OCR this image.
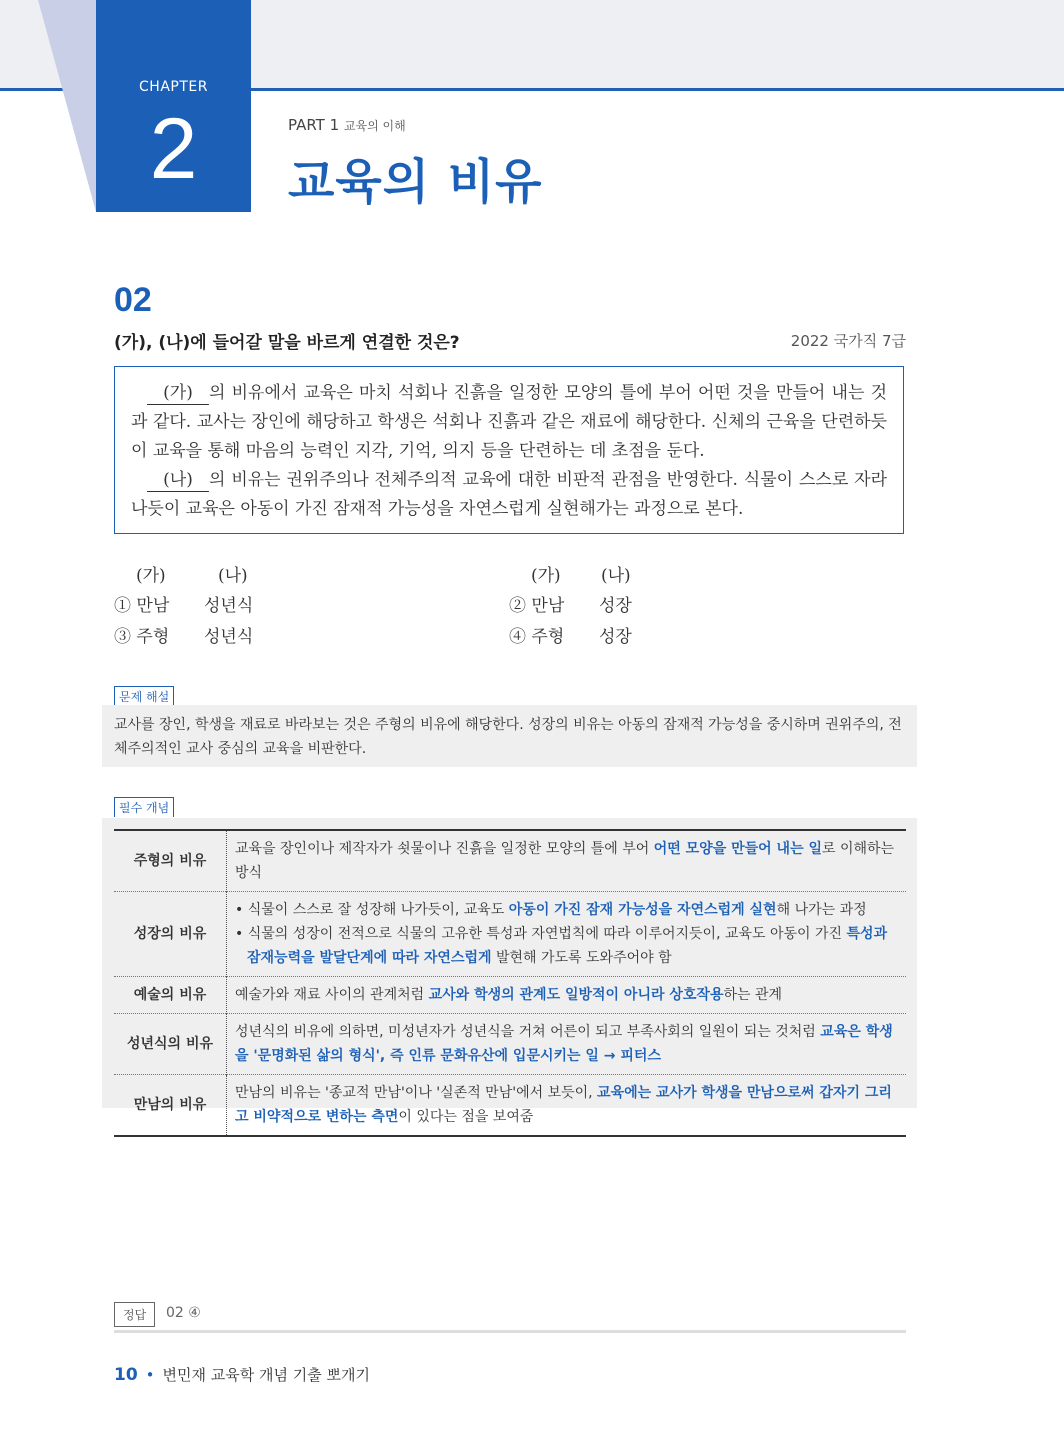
CHAPTER
2	PART 1 교육의 이해
교육의 비유
02
(가), (나)에 들어갈 말을 바르게 연결한 것은?	2022 국가직 7급

(가) 의 비유에서 교육은 마치 석회나 진흙을 일정한 모양의 틀에 부어 어떤 것을 만들어 내는 것과 같다. 교사는 장인에 해당하고 학생은 석회나 진흙과 같은 재료에 해당한다. 신체의 근육을 단련하듯이 교육을 통해 마음의 능력인 지각, 기억, 의지 등을 단련하는 데 초점을 둔다.

(나) 의 비유는 권위주의나 전체주의적 교육에 대한 비판적 관점을 반영한다. 식물이 스스로 자라나듯이 교육은 아동이 가진 잠재적 가능성을 자연스럽게 실현해가는 과정으로 본다.

(가)	(나)	(가) (나)
① 만남 성년식	② 만남 성장
③ 주형 성년식	④ 주형 성장
문제 해설
교사를 장인, 학생을 재료로 바라보는 것은 주형의 비유에 해당한다. 성장의 비유는 아동의 잠재적 가능성을 중시하며 권위주의, 전체주의적인 교사 중심의 교육을 비판한다.
필수 개념
주형의 비유	교육을 장인이나 제작자가 쇳물이나 진흙을 일정한 모양의 틀에 부어 어떤 모양을 만들어 내는 일로 이해하는 방식
성장의 비유	• 식물이 스스로 잘 성장해 나가듯이, 교육도 아동이 가진 잠재 가능성을 자연스럽게 실현해 나가는 과정
• 식물의 성장이 전적으로 식물의 고유한 특성과 자연법칙에 따라 이루어지듯이, 교육도 아동이 가진 특성과 잠재능력을 발달단계에 따라 자연스럽게 발현해 가도록 도와주어야 함

예술의 비유	예술가와 재료 사이의 관계처럼 교사와 학생의 관계도 일방적이 아니라 상호작용하는 관계
성년식의 비유	성년식의 비유에 의하면, 미성년자가 성년식을 거쳐 어른이 되고 부족사회의 일원이 되는 것처럼 교육은 학생을 '문명화된 삶의 형식', 즉 인류 문화유산에 입문시키는 일 → 피터스
만남의 비유	만남의 비유는 '종교적 만남'이나 '실존적 만남'에서 보듯이, 교육에는 교사가 학생을 만남으로써 갑자기 그리고 비약적으로 변하는 측면이 있다는 점을 보여줌
정답	02 ④
10 • 변민재 교육학 개념 기출 뽀개기
